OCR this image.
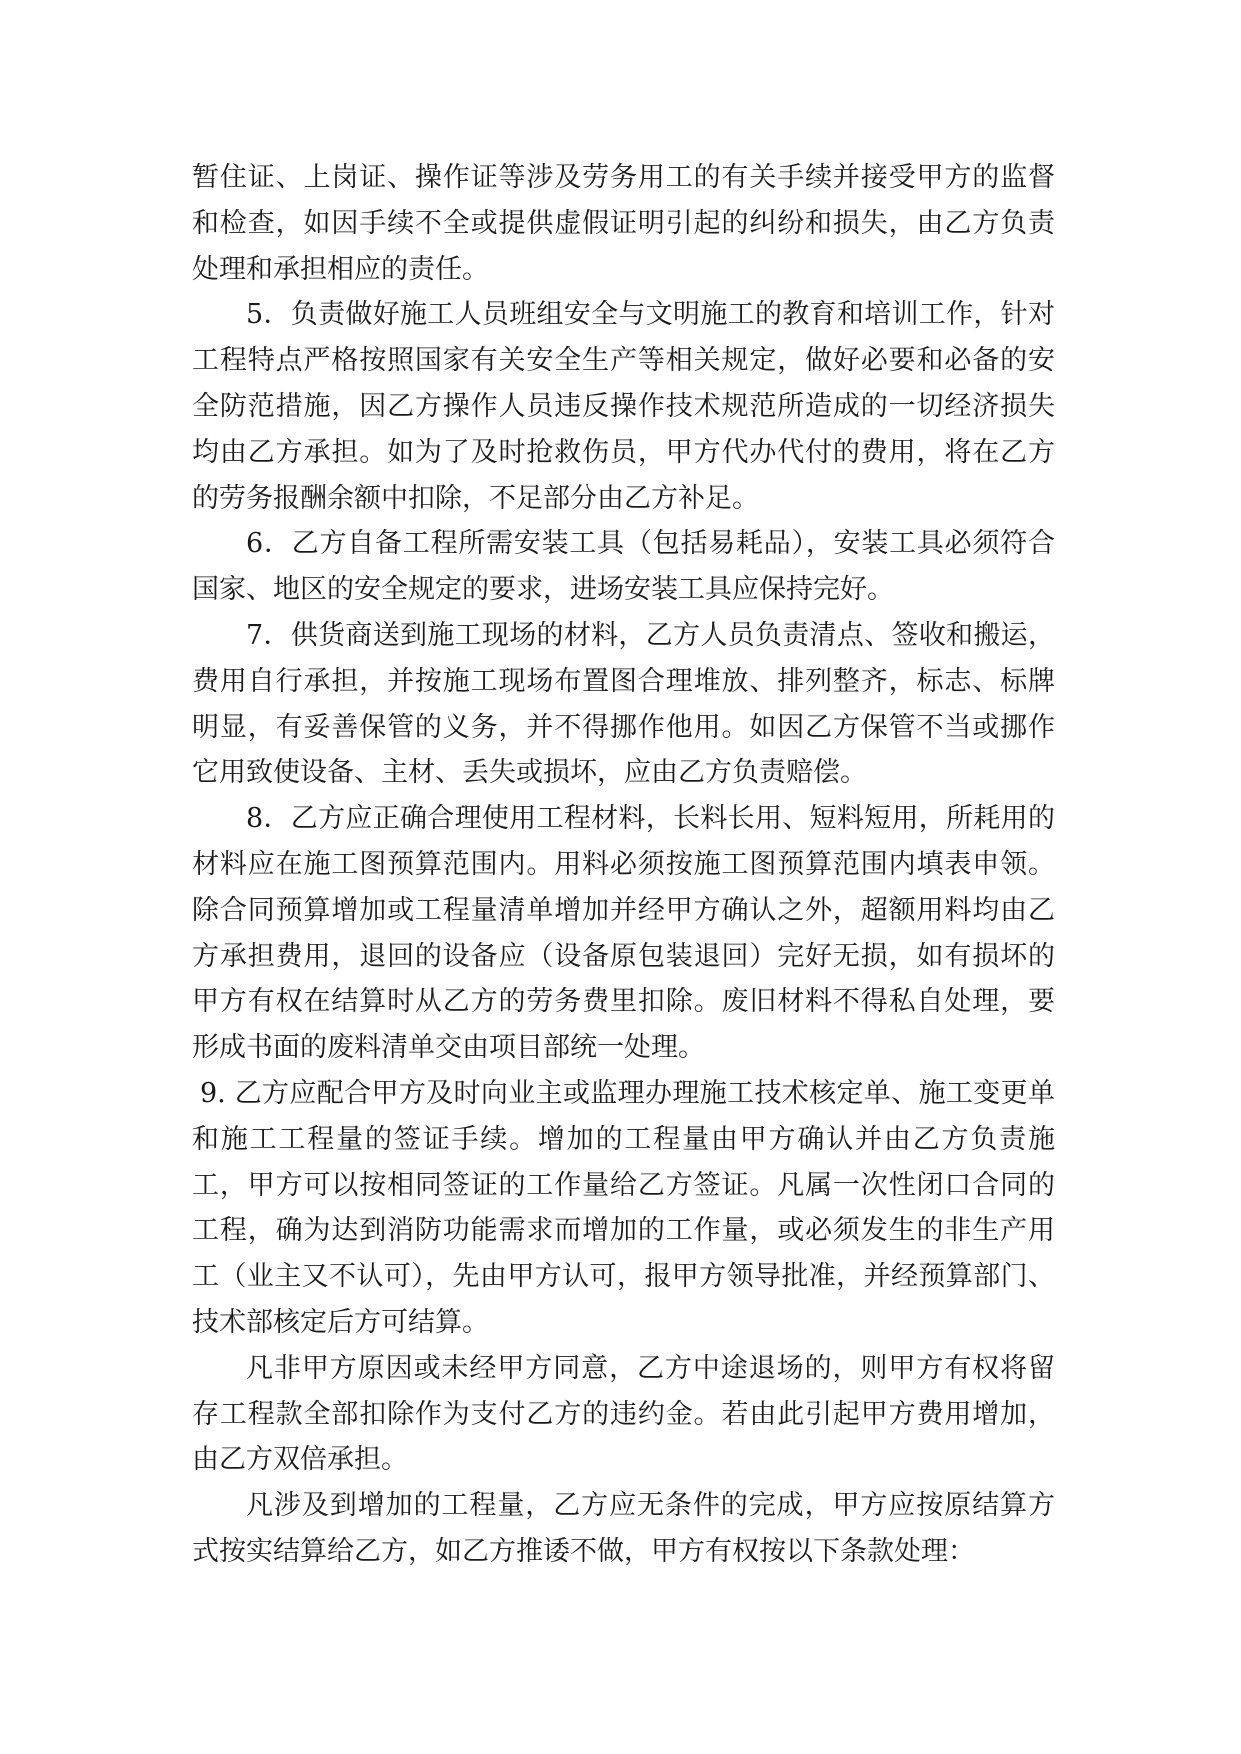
暂住证、上岗证、操作证等涉及劳务用工的有关手续并接受甲方的监督和检查，如因手续不全或提供虚假证明引起的纠纷和损失，由乙方负责处理和承担相应的责任。

5．负责做好施工人员班组安全与文明施工的教育和培训工作，针对工程特点严格按照国家有关安全生产等相关规定，做好必要和必备的安全防范措施，因乙方操作人员违反操作技术规范所造成的一切经济损失均由乙方承担。如为了及时抢救伤员，甲方代办代付的费用，将在乙方的劳务报酬余额中扣除，不足部分由乙方补足。

6．乙方自备工程所需安装工具（包括易耗品），安装工具必须符合国家、地区的安全规定的要求，进场安装工具应保持完好。

7．供货商送到施工现场的材料，乙方人员负责清点、签收和搬运，费用自行承担，并按施工现场布置图合理堆放、排列整齐，标志、标牌明显，有妥善保管的义务，并不得挪作他用。如因乙方保管不当或挪作它用致使设备、主材、丢失或损坏，应由乙方负责赔偿。

8．乙方应正确合理使用工程材料，长料长用、短料短用，所耗用的材料应在施工图预算范围内。用料必须按施工图预算范围内填表申领。除合同预算增加或工程量清单增加并经甲方确认之外，超额用料均由乙方承担费用，退回的设备应（设备原包装退回）完好无损，如有损坏的甲方有权在结算时从乙方的劳务费里扣除。废旧材料不得私自处理，要形成书面的废料清单交由项目部统一处理。

9. 乙方应配合甲方及时向业主或监理办理施工技术核定单、施工变更单和施工工程量的签证手续。增加的工程量由甲方确认并由乙方负责施工，甲方可以按相同签证的工作量给乙方签证。凡属一次性闭口合同的工程，确为达到消防功能需求而增加的工作量，或必须发生的非生产用工（业主又不认可），先由甲方认可，报甲方领导批准，并经预算部门、技术部核定后方可结算。

凡非甲方原因或未经甲方同意，乙方中途退场的，则甲方有权将留存工程款全部扣除作为支付乙方的违约金。若由此引起甲方费用增加，由乙方双倍承担。

凡涉及到增加的工程量，乙方应无条件的完成，甲方应按原结算方式按实结算给乙方，如乙方推诿不做，甲方有权按以下条款处理：
